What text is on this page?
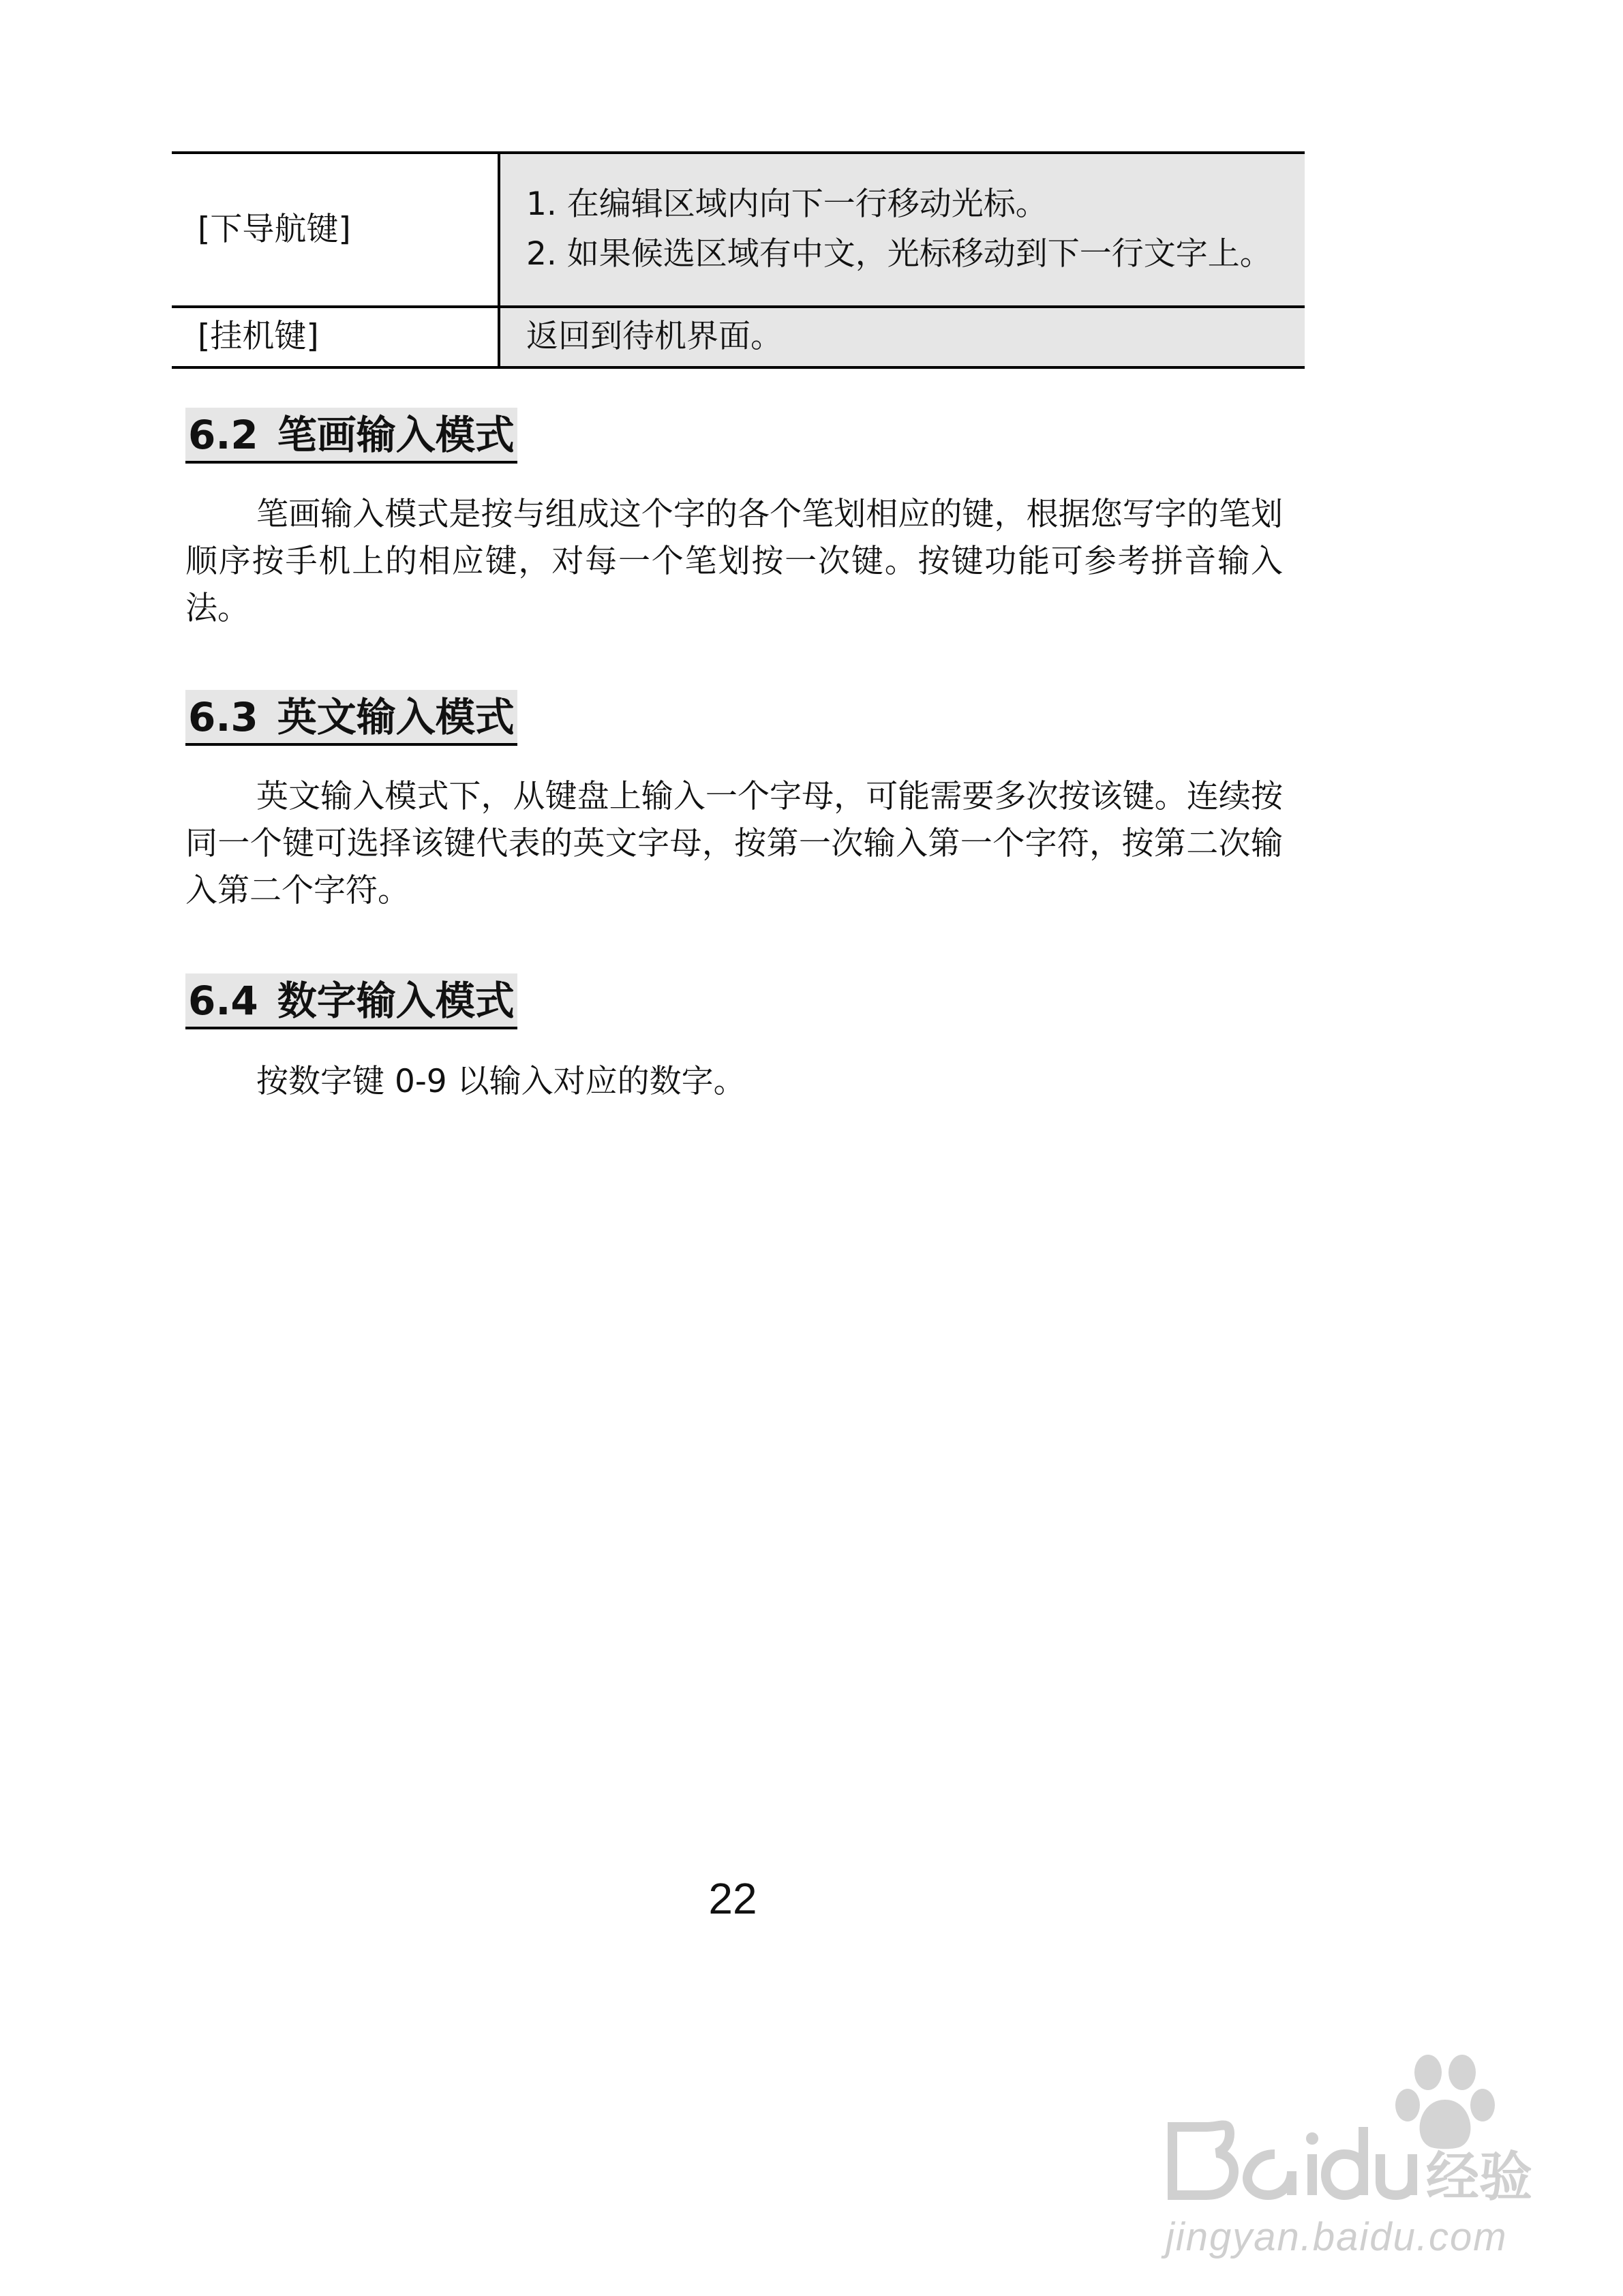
[下导航键]	1. 在编辑区域内向下一行移动光标。
2. 如果候选区域有中文，光标移动到下一行文字上。

[挂机键]	返回到待机界面。
6.2 笔画输入模式

笔画输入模式是按与组成这个字的各个笔划相应的键，根据您写字的笔划顺序按手机上的相应键，对每一个笔划按一次键。按键功能可参考拼音输入法。

6.3 英文输入模式

英文输入模式下，从键盘上输入一个字母，可能需要多次按该键。连续按同一个键可选择该键代表的英文字母，按第一次输入第一个字符，按第二次输入第二个字符。

6.4 数字输入模式

按数字键 0-9 以输入对应的数字。

22
经验
jingyan.baidu.com
